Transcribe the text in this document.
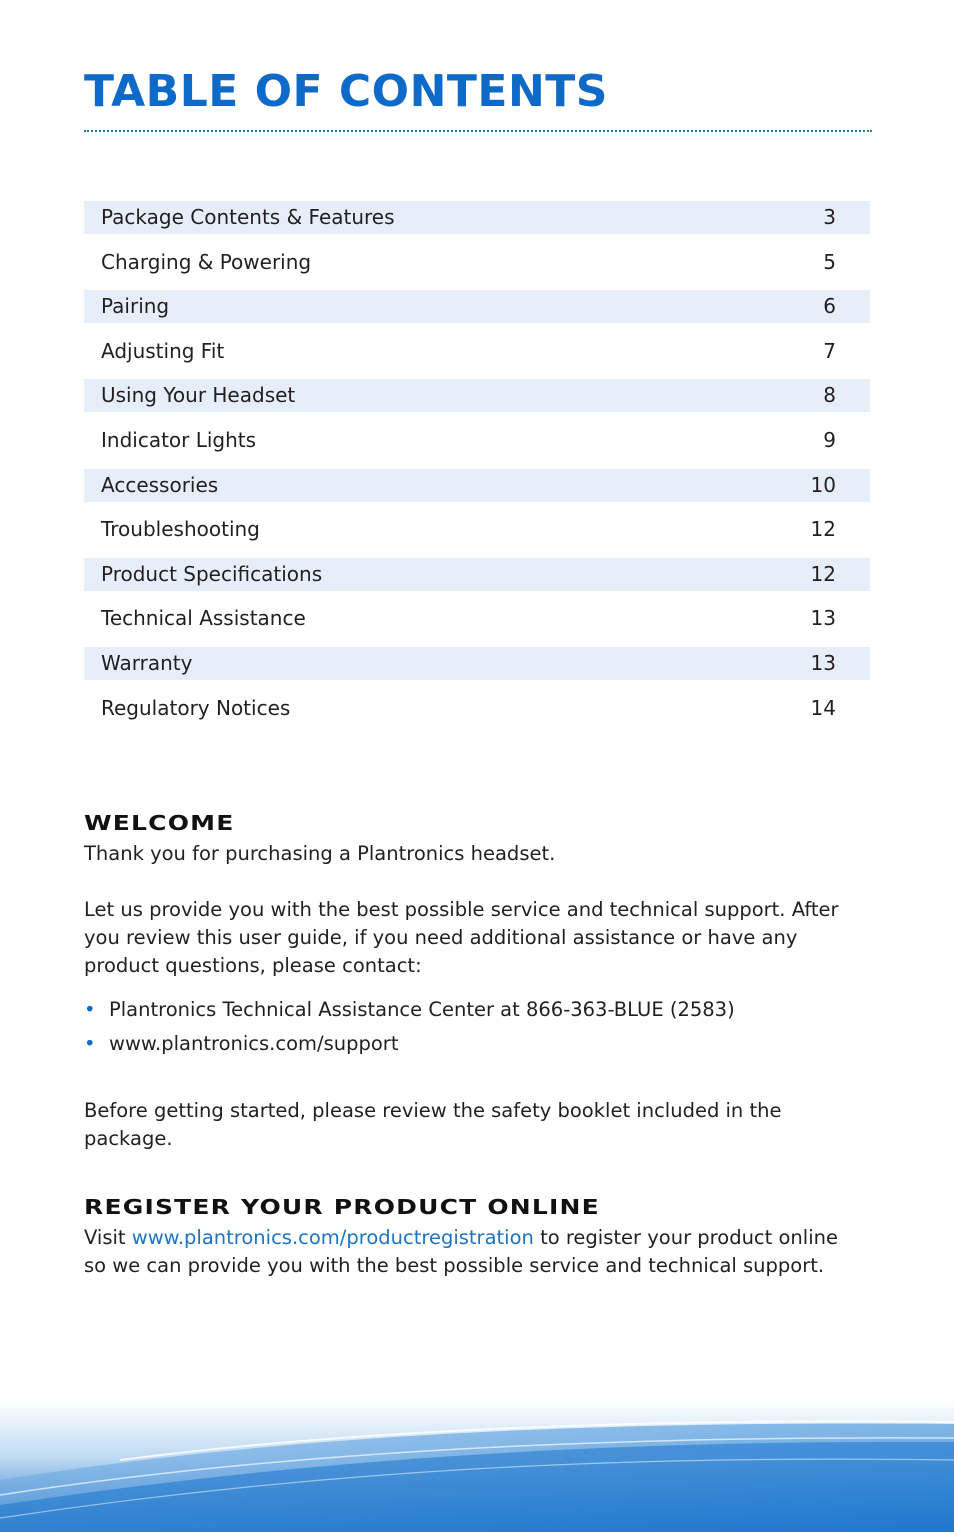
TABLE OF CONTENTS
Package Contents & Features	3
Charging & Powering	5
Pairing	6
Adjusting Fit	7
Using Your Headset	8
Indicator Lights	9
Accessories	10
Troubleshooting	12
Product Specifications	12
Technical Assistance	13
Warranty	13
Regulatory Notices	14
WELCOME

Thank you for purchasing a Plantronics headset.

Let us provide you with the best possible service and technical support. After you review this user guide, if you need additional assistance or have any product questions, please contact:

• Plantronics Technical Assistance Center at 866-363-BLUE (2583)
• www.plantronics.com/support

Before getting started, please review the safety booklet included in the package.

REGISTER YOUR PRODUCT ONLINE

Visit www.plantronics.com/productregistration to register your product online so we can provide you with the best possible service and technical support.
